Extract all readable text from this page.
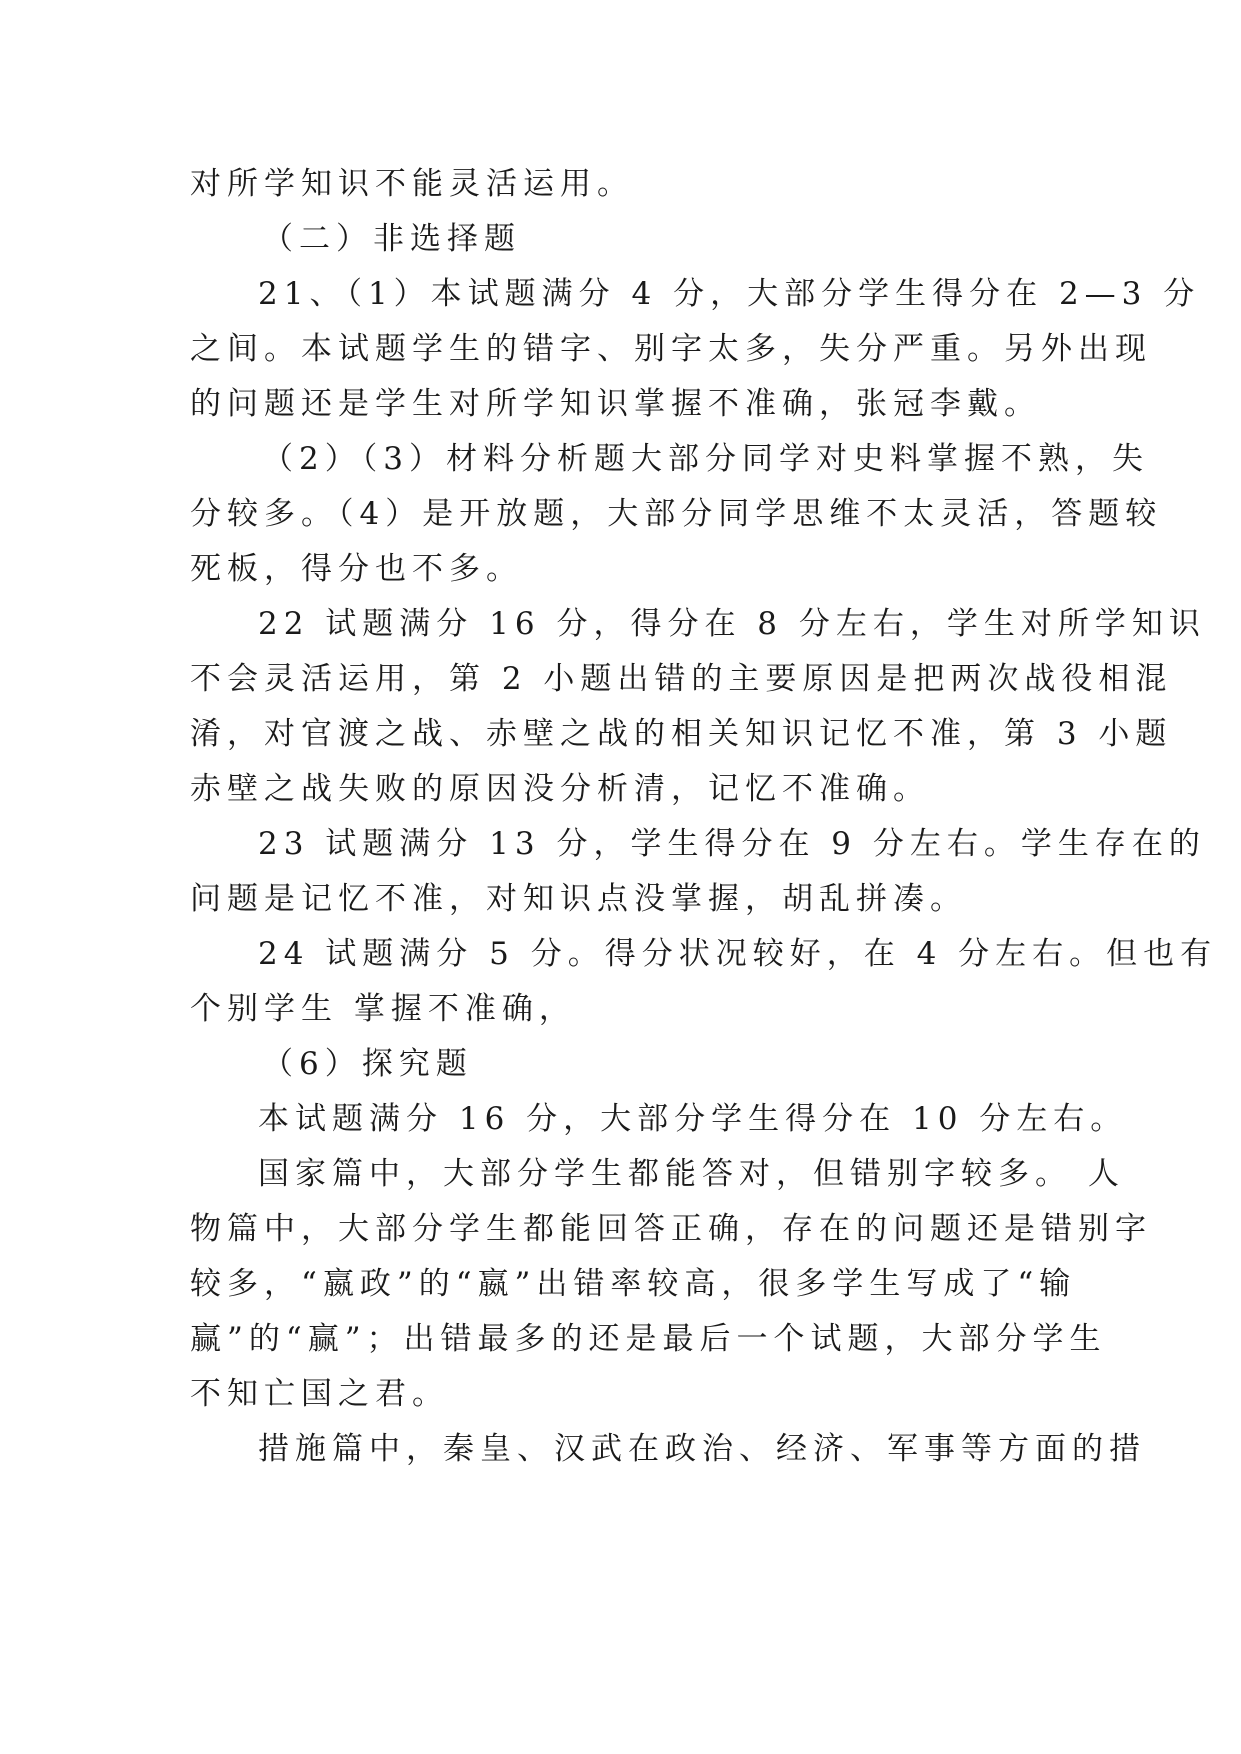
对所学知识不能灵活运用。
（二）非选择题
21、（1）本试题满分 4 分，大部分学生得分在 2—3 分
之间。本试题学生的错字、别字太多，失分严重。另外出现
的问题还是学生对所学知识掌握不准确，张冠李戴。
（2）（3）材料分析题大部分同学对史料掌握不熟，失
分较多。（4）是开放题，大部分同学思维不太灵活，答题较
死板，得分也不多。
22 试题满分 16 分，得分在 8 分左右，学生对所学知识
不会灵活运用，第 2 小题出错的主要原因是把两次战役相混
淆，对官渡之战、赤壁之战的相关知识记忆不准，第 3 小题
赤壁之战失败的原因没分析清，记忆不准确。
23 试题满分 13 分，学生得分在 9 分左右。学生存在的
问题是记忆不准，对知识点没掌握，胡乱拼凑。
24 试题满分 5 分。得分状况较好，在 4 分左右。但也有
个别学生 掌握不准确，
（6）探究题
本试题满分 16 分，大部分学生得分在 10 分左右。
国家篇中，大部分学生都能答对，但错别字较多。 人
物篇中，大部分学生都能回答正确，存在的问题还是错别字
较多，“嬴政”的“嬴”出错率较高，很多学生写成了“输
赢”的“赢”；出错最多的还是最后一个试题，大部分学生
不知亡国之君。
措施篇中，秦皇、汉武在政治、经济、军事等方面的措
